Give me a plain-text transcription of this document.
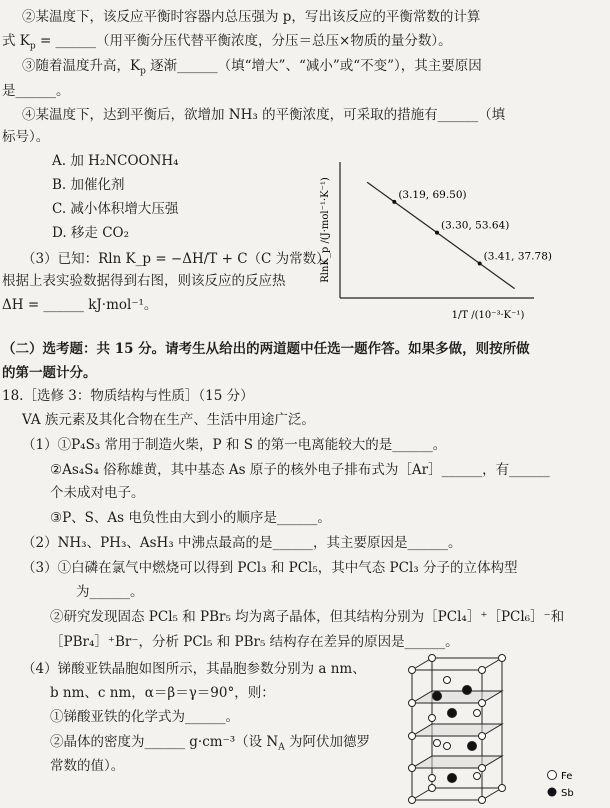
②某温度下，该反应平衡时容器内总压强为 p，写出该反应的平衡常数的计算
式 $K_p$ = ______（用平衡分压代替平衡浓度，分压＝总压×物质的量分数）。
③随着温度升高，$K_p$ 逐渐______（填“增大”、“减小”或“不变”），其主要原因
是______。
④某温度下，达到平衡后，欲增加 NH₃ 的平衡浓度，可采取的措施有______（填
标号）。
A. 加 H₂NCOONH₄
B. 加催化剂
C. 减小体积增大压强
D. 移走 CO₂
（3）已知：Rln K_p = −ΔH/T + C（C 为常数）。
根据上表实验数据得到右图，则该反应的反应热
ΔH = ______ kJ·mol⁻¹。
RlnK_p /(J·mol⁻¹·K⁻¹)
1/T /(10⁻³·K⁻¹)
(3.19, 69.50)
(3.30, 53.64)
(3.41, 37.78)
（二）选考题：共 15 分。请考生从给出的两道题中任选一题作答。如果多做，则按所做
的第一题计分。
18.［选修 3：物质结构与性质］（15 分）
VA 族元素及其化合物在生产、生活中用途广泛。
（1）①P₄S₃ 常用于制造火柴，P 和 S 的第一电离能较大的是______。
②As₄S₄ 俗称雄黄，其中基态 As 原子的核外电子排布式为［Ar］______，有______
个未成对电子。
③P、S、As 电负性由大到小的顺序是______。
（2）NH₃、PH₃、AsH₃ 中沸点最高的是______，其主要原因是______。
（3）①白磷在氯气中燃烧可以得到 PCl₃ 和 PCl₅，其中气态 PCl₃ 分子的立体构型
为______。
②研究发现固态 PCl₅ 和 PBr₅ 均为离子晶体，但其结构分别为［PCl₄］⁺［PCl₆］⁻和
［PBr₄］⁺Br⁻，分析 PCl₅ 和 PBr₅ 结构存在差异的原因是______。
（4）锑酸亚铁晶胞如图所示，其晶胞参数分别为 a nm、
b nm、c nm，α＝β＝γ＝90°，则：
①锑酸亚铁的化学式为______。
②晶体的密度为______ g·cm⁻³（设 $N_A$ 为阿伏加德罗
常数的值）。
Fe
Sb
